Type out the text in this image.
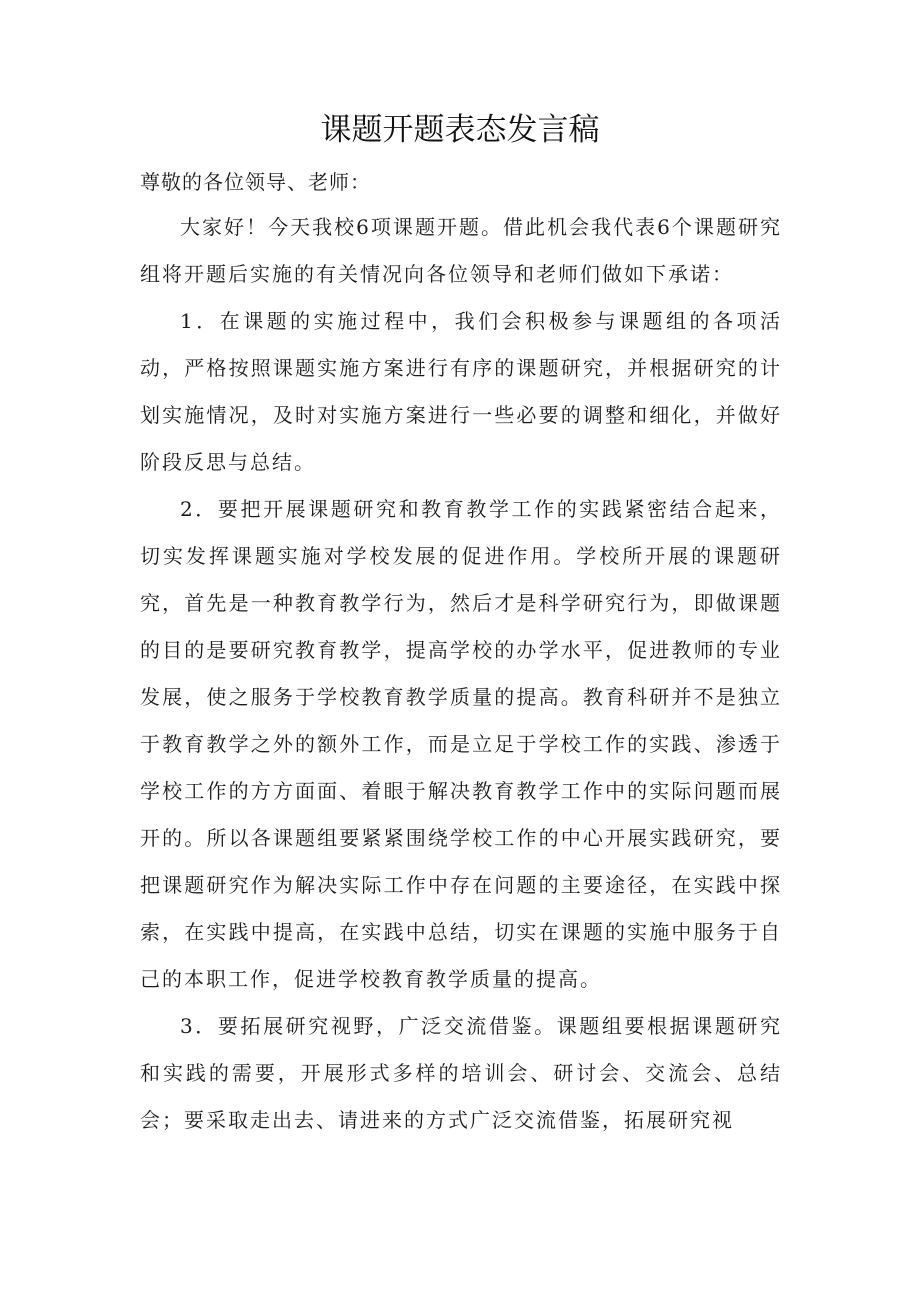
课题开题表态发言稿

尊敬的各位领导、老师：

大家好！今天我校6项课题开题。借此机会我代表6个课题研究组将开题后实施的有关情况向各位领导和老师们做如下承诺：

1．在课题的实施过程中，我们会积极参与课题组的各项活动，严格按照课题实施方案进行有序的课题研究，并根据研究的计划实施情况，及时对实施方案进行一些必要的调整和细化，并做好阶段反思与总结。

2．要把开展课题研究和教育教学工作的实践紧密结合起来，切实发挥课题实施对学校发展的促进作用。学校所开展的课题研究，首先是一种教育教学行为，然后才是科学研究行为，即做课题的目的是要研究教育教学，提高学校的办学水平，促进教师的专业发展，使之服务于学校教育教学质量的提高。教育科研并不是独立于教育教学之外的额外工作，而是立足于学校工作的实践、渗透于学校工作的方方面面、着眼于解决教育教学工作中的实际问题而展开的。所以各课题组要紧紧围绕学校工作的中心开展实践研究，要把课题研究作为解决实际工作中存在问题的主要途径，在实践中探索，在实践中提高，在实践中总结，切实在课题的实施中服务于自己的本职工作，促进学校教育教学质量的提高。

3．要拓展研究视野，广泛交流借鉴。课题组要根据课题研究和实践的需要，开展形式多样的培训会、研讨会、交流会、总结会；要采取走出去、请进来的方式广泛交流借鉴，拓展研究视
